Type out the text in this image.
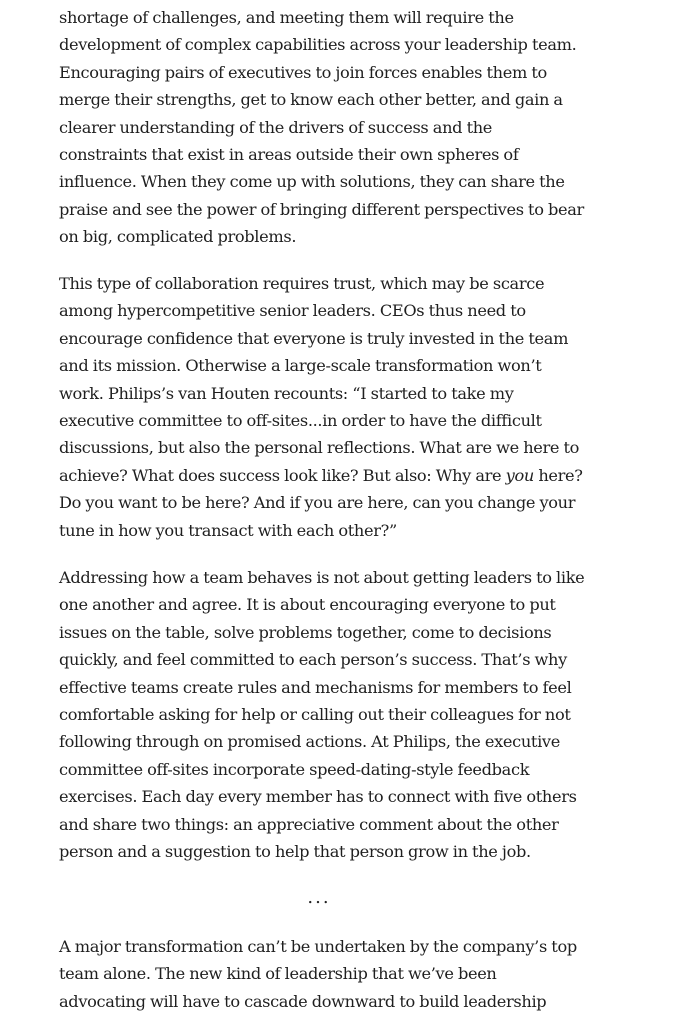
shortage of challenges, and meeting them will require the
development of complex capabilities across your leadership team.
Encouraging pairs of executives to join forces enables them to
merge their strengths, get to know each other better, and gain a
clearer understanding of the drivers of success and the
constraints that exist in areas outside their own spheres of
influence. When they come up with solutions, they can share the
praise and see the power of bringing different perspectives to bear
on big, complicated problems.
This type of collaboration requires trust, which may be scarce
among hypercompetitive senior leaders. CEOs thus need to
encourage confidence that everyone is truly invested in the team
and its mission. Otherwise a large-scale transformation won’t
work. Philips’s van Houten recounts: “I started to take my
executive committee to off-sites...in order to have the difficult
discussions, but also the personal reflections. What are we here to
achieve? What does success look like? But also: Why are you here?
Do you want to be here? And if you are here, can you change your
tune in how you transact with each other?”
Addressing how a team behaves is not about getting leaders to like
one another and agree. It is about encouraging everyone to put
issues on the table, solve problems together, come to decisions
quickly, and feel committed to each person’s success. That’s why
effective teams create rules and mechanisms for members to feel
comfortable asking for help or calling out their colleagues for not
following through on promised actions. At Philips, the executive
committee off-sites incorporate speed-dating-style feedback
exercises. Each day every member has to connect with five others
and share two things: an appreciative comment about the other
person and a suggestion to help that person grow in the job.
...
A major transformation can’t be undertaken by the company’s top
team alone. The new kind of leadership that we’ve been
advocating will have to cascade downward to build leadership
